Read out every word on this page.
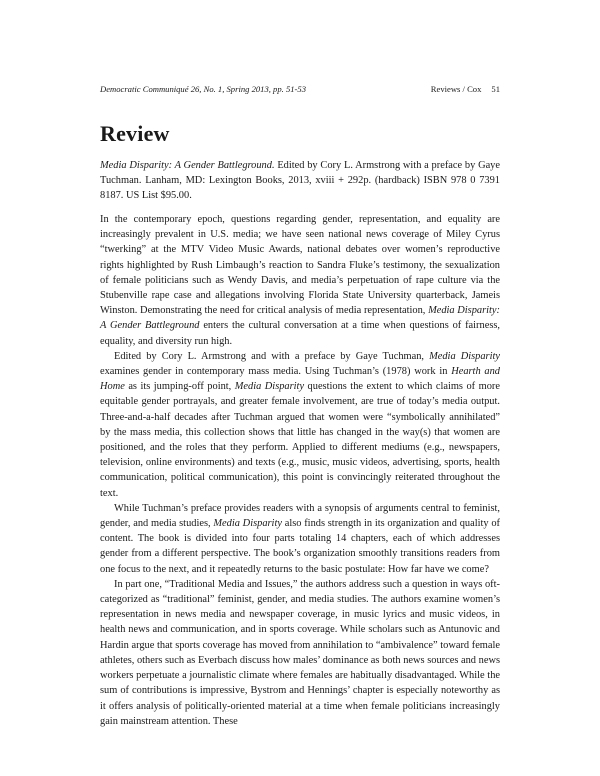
Democratic Communiqué 26, No. 1, Spring 2013, pp. 51-53	Reviews / Cox 51
Review

Media Disparity: A Gender Battleground. Edited by Cory L. Armstrong with a preface by Gaye Tuchman. Lanham, MD: Lexington Books, 2013, xviii + 292p. (hardback) ISBN 978 0 7391 8187. US List $95.00.

In the contemporary epoch, questions regarding gender, representation, and equality are increasingly prevalent in U.S. media; we have seen national news coverage of Miley Cyrus “twerking” at the MTV Video Music Awards, national debates over women’s reproductive rights highlighted by Rush Limbaugh’s reaction to Sandra Fluke’s testimony, the sexualization of female politicians such as Wendy Davis, and media’s perpetuation of rape culture via the Stubenville rape case and allegations involving Florida State University quarterback, Jameis Winston. Demonstrating the need for critical analysis of media representation, Media Disparity: A Gender Battleground enters the cultural conversation at a time when questions of fairness, equality, and diversity run high.

Edited by Cory L. Armstrong and with a preface by Gaye Tuchman, Media Disparity examines gender in contemporary mass media. Using Tuchman’s (1978) work in Hearth and Home as its jumping-off point, Media Disparity questions the extent to which claims of more equitable gender portrayals, and greater female involvement, are true of today’s media output. Three-and-a-half decades after Tuchman argued that women were “symbolically annihilated” by the mass media, this collection shows that little has changed in the way(s) that women are positioned, and the roles that they perform. Applied to different mediums (e.g., newspapers, television, online environments) and texts (e.g., music, music videos, advertising, sports, health communication, political communication), this point is convincingly reiterated throughout the text.

While Tuchman’s preface provides readers with a synopsis of arguments central to feminist, gender, and media studies, Media Disparity also finds strength in its organization and quality of content. The book is divided into four parts totaling 14 chapters, each of which addresses gender from a different perspective. The book’s organization smoothly transitions readers from one focus to the next, and it repeatedly returns to the basic postulate: How far have we come?

In part one, “Traditional Media and Issues,” the authors address such a question in ways oft-categorized as “traditional” feminist, gender, and media studies. The authors examine women’s representation in news media and newspaper coverage, in music lyrics and music videos, in health news and communication, and in sports coverage. While scholars such as Antunovic and Hardin argue that sports coverage has moved from annihilation to “ambivalence” toward female athletes, others such as Everbach discuss how males’ dominance as both news sources and news workers perpetuate a journalistic climate where females are habitually disadvantaged. While the sum of contributions is impressive, Bystrom and Hennings’ chapter is especially noteworthy as it offers analysis of politically-oriented material at a time when female politicians increasingly gain mainstream attention. These
